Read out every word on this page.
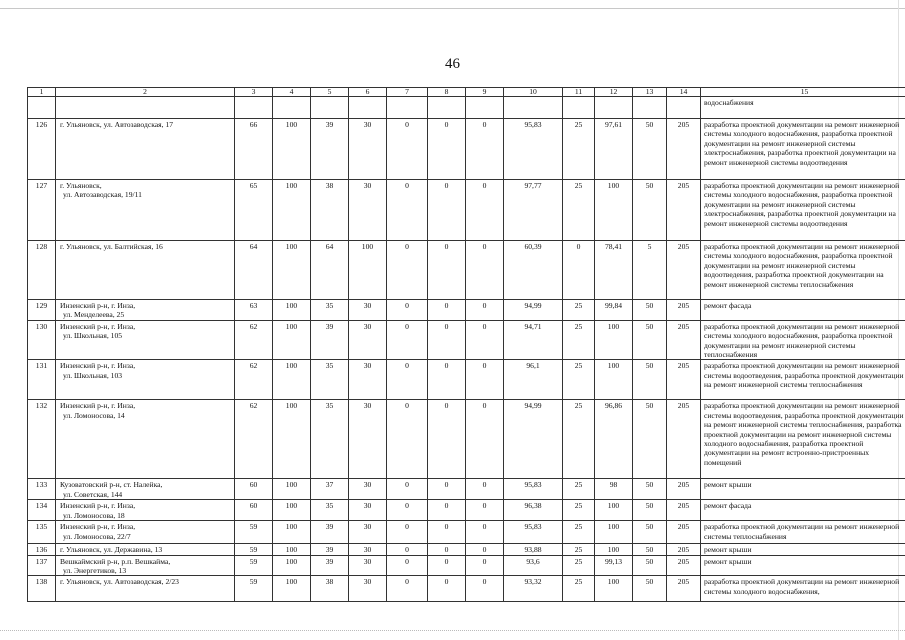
46
1	2	3	4	5	6	7	8	9	10	11	12	13	14	15

													водоснабжения
126	г. Ульяновск, ул. Автозаводская, 17	66	100	39	30	0	0	0	95,83	25	97,61	50	205	разработка проектной документации на ремонт инженерной системы холодного водоснабжения, разработка проектной документации на ремонт инженерной системы электроснабжения, разработка проектной документации на ремонт инженерной системы водоотведения
127	г. Ульяновск,
ул. Автозаводская, 19/11	65	100	38	30	0	0	0	97,77	25	100	50	205	разработка проектной документации на ремонт инженерной системы холодного водоснабжения, разработка проектной документации на ремонт инженерной системы электроснабжения, разработка проектной документации на ремонт инженерной системы водоотведения
128	г. Ульяновск, ул. Балтийская, 16	64	100	64	100	0	0	0	60,39	0	78,41	5	205	разработка проектной документации на ремонт инженерной системы холодного водоснабжения, разработка проектной документации на ремонт инженерной системы водоотведения, разработка проектной документации на ремонт инженерной системы теплоснабжения
129	Инзенский р-н, г. Инза,
ул. Менделеева, 25	63	100	35	30	0	0	0	94,99	25	99,84	50	205	ремонт фасада
130	Инзенский р-н, г. Инза,
ул. Школьная, 105	62	100	39	30	0	0	0	94,71	25	100	50	205	разработка проектной документации на ремонт инженерной системы холодного водоснабжения, разработка проектной документации на ремонт инженерной системы теплоснабжения
131	Инзенский р-н, г. Инза,
ул. Школьная, 103	62	100	35	30	0	0	0	96,1	25	100	50	205	разработка проектной документации на ремонт инженерной системы водоотведения, разработка проектной документации на ремонт инженерной системы теплоснабжения
132	Инзенский р-н, г. Инза,
ул. Ломоносова, 14	62	100	35	30	0	0	0	94,99	25	96,86	50	205	разработка проектной документации на ремонт инженерной системы водоотведения, разработка проектной документации на ремонт инженерной системы теплоснабжения, разработка проектной документации на ремонт инженерной системы холодного водоснабжения, разработка проектной документации на ремонт встроенно-пристроенных помещений
133	Кузоватовский р-н, ст. Налейка,
ул. Советская, 144	60	100	37	30	0	0	0	95,83	25	98	50	205	ремонт крыши
134	Инзенский р-н, г. Инза,
ул. Ломоносова, 18	60	100	35	30	0	0	0	96,38	25	100	50	205	ремонт фасада
135	Инзенский р-н, г. Инза,
ул. Ломоносова, 22/7	59	100	39	30	0	0	0	95,83	25	100	50	205	разработка проектной документации на ремонт инженерной системы теплоснабжения
136	г. Ульяновск, ул. Державина, 13	59	100	39	30	0	0	0	93,88	25	100	50	205	ремонт крыши
137	Вешкаймский р-н, р.п. Вешкайма,
ул. Энергетиков, 13	59	100	39	30	0	0	0	93,6	25	99,13	50	205	ремонт крыши
138	г. Ульяновск, ул. Автозаводская, 2/23	59	100	38	30	0	0	0	93,32	25	100	50	205	разработка проектной документации на ремонт инженерной системы холодного водоснабжения,
